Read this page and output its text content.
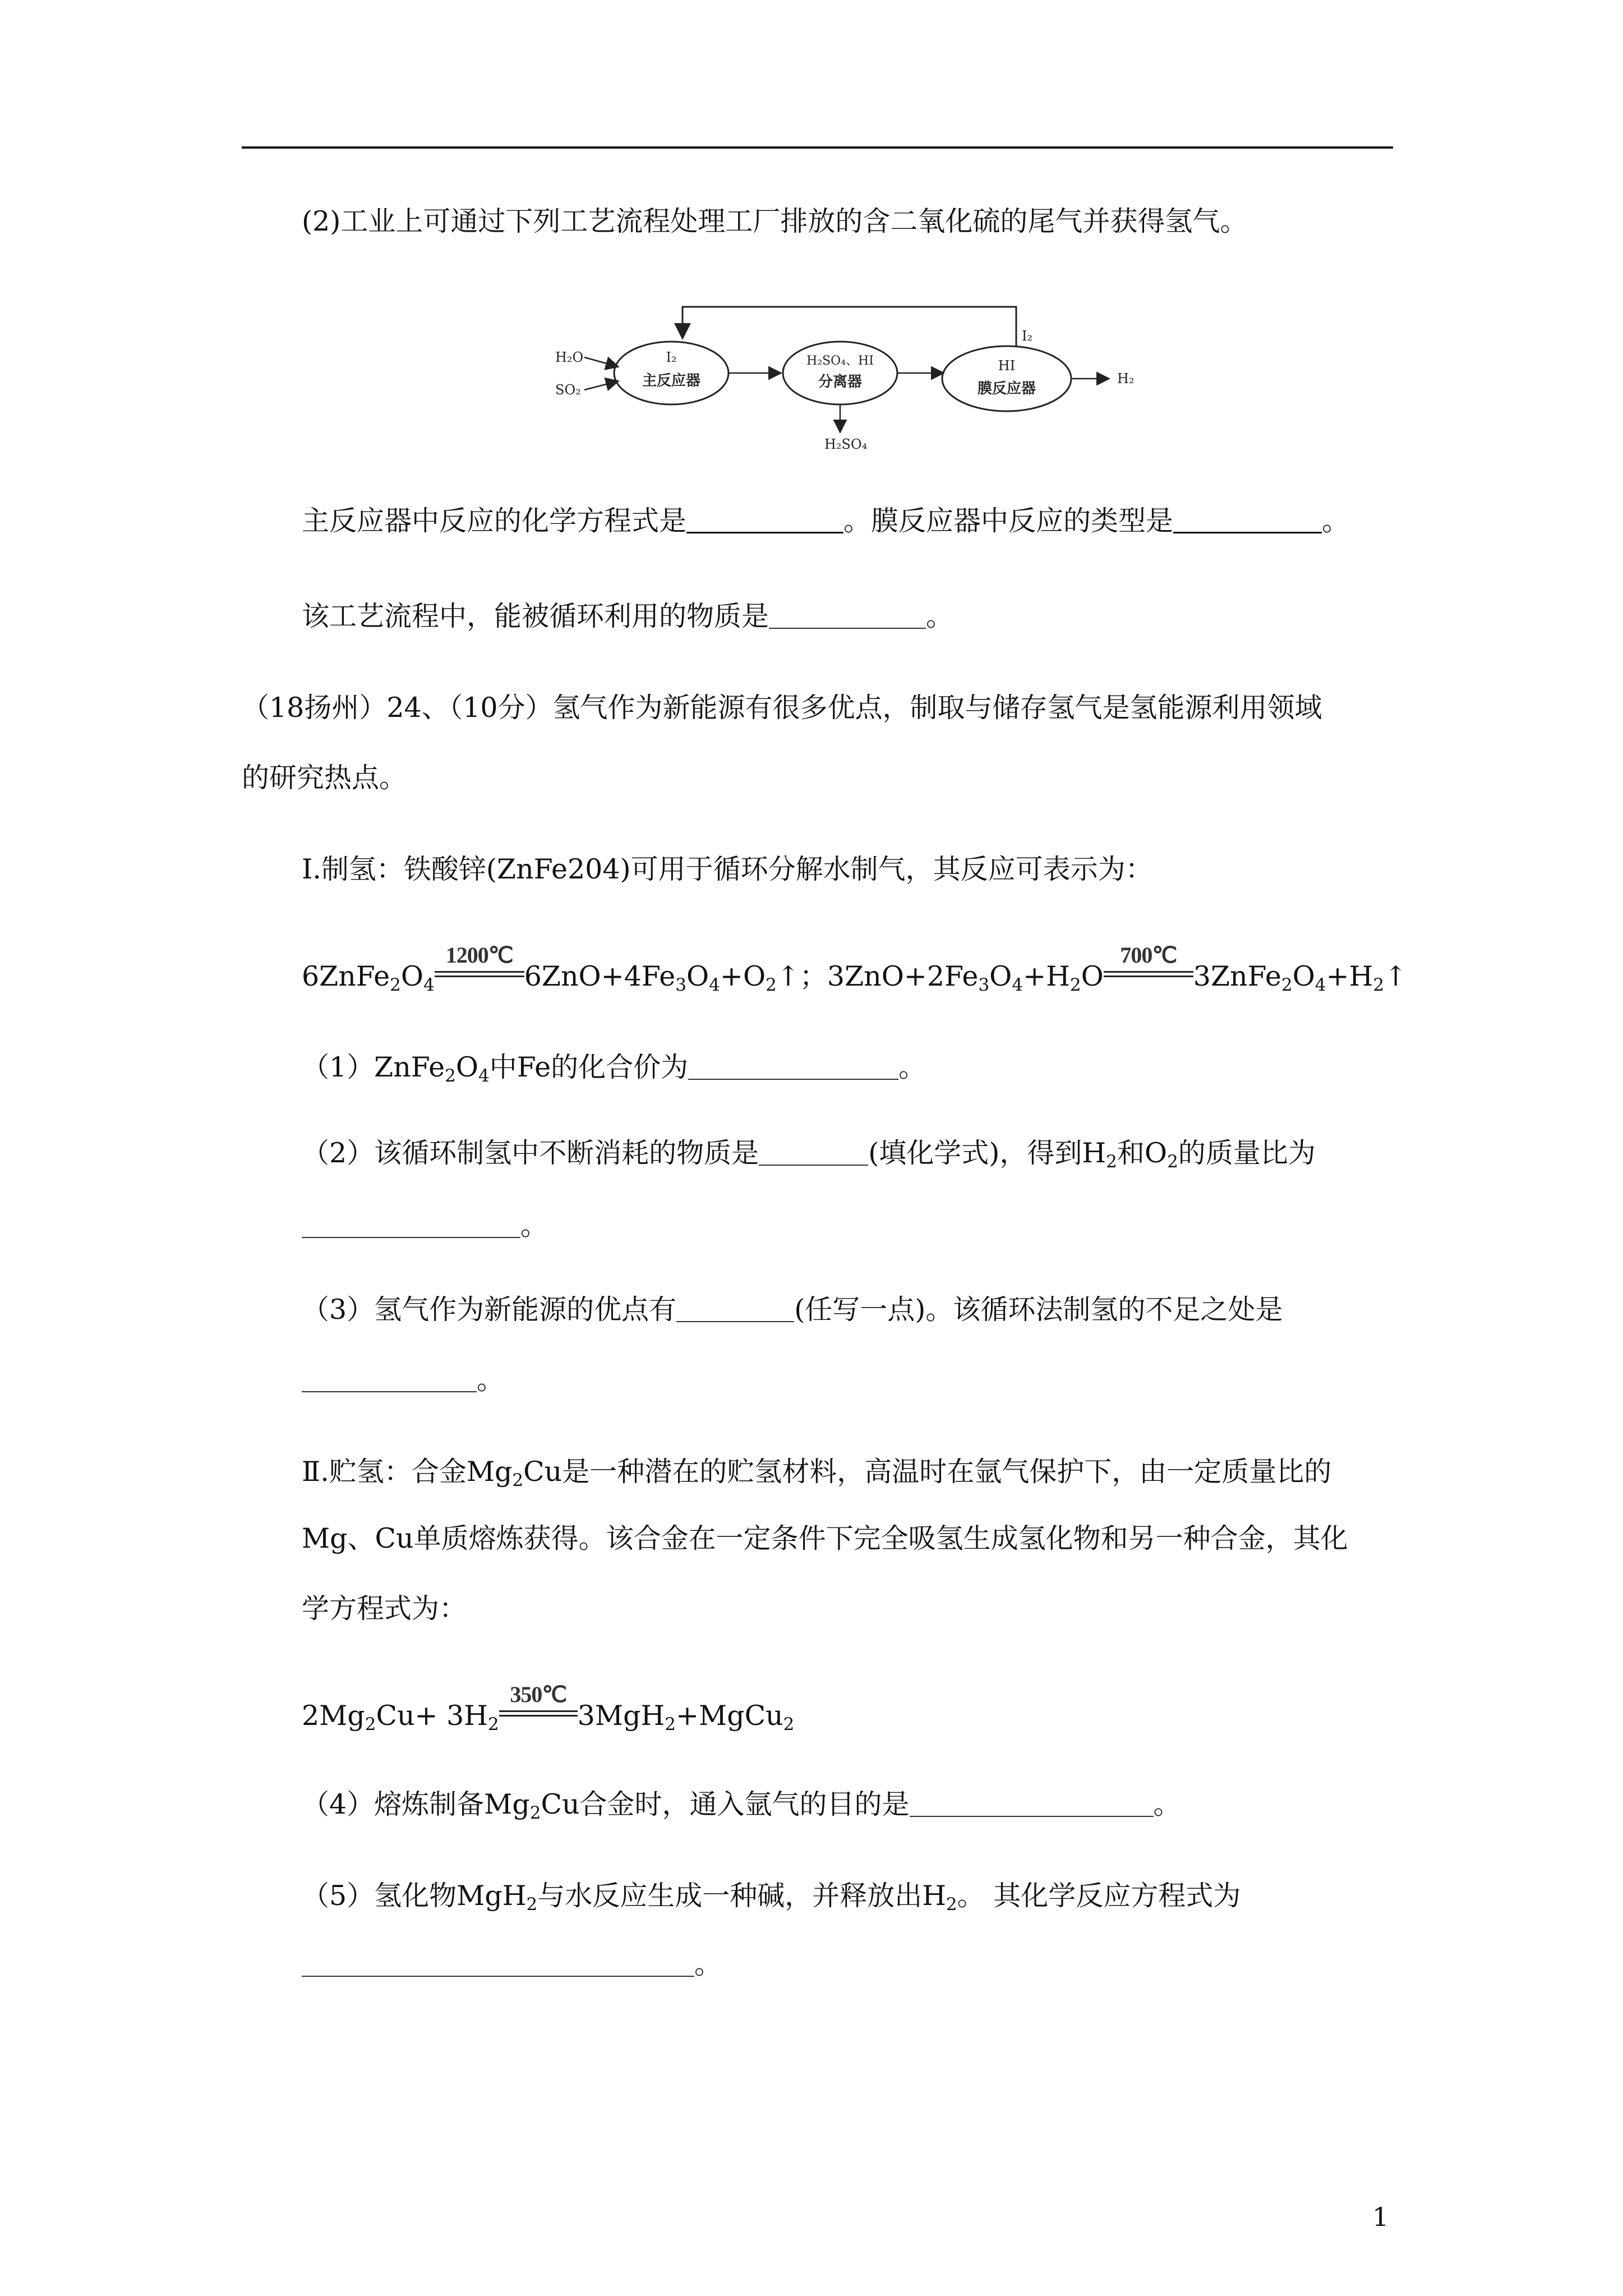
(2)工业上可通过下列工艺流程处理工厂排放的含二氧化硫的尾气并获得氢气。
I₂
H₂O
SO₂
I₂
主反应器
H₂SO₄、HI
分离器
H₂SO₄
HI
膜反应器
H₂
主反应器中反应的化学方程式是	。膜反应器中反应的类型是	。
该工艺流程中，能被循环利用的物质是	。
（18扬州）24、（10分）氢气作为新能源有很多优点，制取与储存氢气是氢能源利用领域
的研究热点。
I.制氢：铁酸锌(ZnFe204)可用于循环分解水制气，其反应可表示为：
$6ZnFe_2O_4$
1200℃
$6ZnO+4Fe_3O_4+O_2↑$；$3ZnO+2Fe_3O_4+H_2O$
700℃
$3ZnFe_2O_4+H_2↑$
$(1)ZnFe_2O_4$中Fe的化合价为	。
（2）该循环制氢中不断消耗的物质是	(填化学式)，得到$H_2$和$O_2$的质量比为
。
（3）氢气作为新能源的优点有	(任写一点)。该循环法制氢的不足之处是
。
Ⅱ.贮氢：合金$Mg_2Cu$是一种潜在的贮氢材料，高温时在氩气保护下，由一定质量比的
Mg、Cu单质熔炼获得。该合金在一定条件下完全吸氢生成氢化物和另一种合金，其化
学方程式为：
$2Mg_2Cu+ 3H_2$
350℃
3MgH$_2$+MgCu$_2$
（4）熔炼制备$Mg_2Cu$合金时，通入氩气的目的是	。
（5）氢化物MgH$_2$与水反应生成一种碱，并释放出$H_2$。 其化学反应方程式为
。
1
